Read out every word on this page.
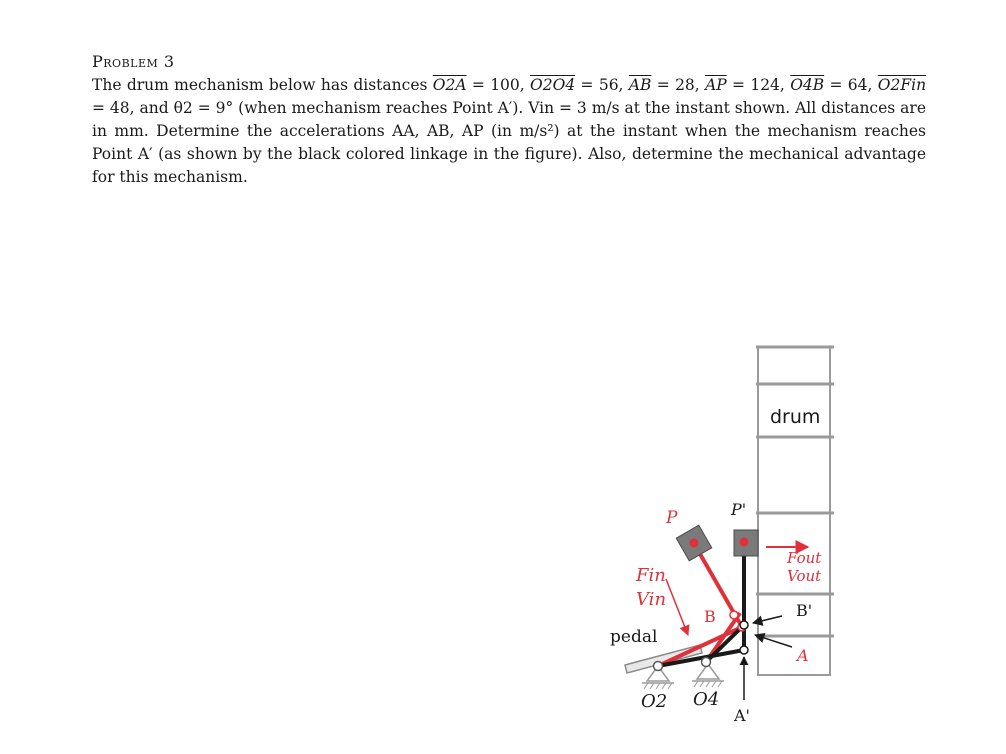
Problem 3
The drum mechanism below has distances O2A = 100, O2O4 = 56, $\overline{AB} = 28$, $\overline{AP} = 124$, O4B = 64, O2Fin = 48, and θ2 = 9° (when mechanism reaches Point A′). Vin = 3 m/s at the instant shown. All distances are in mm. Determine the accelerations AA, AB, AP (in m/s²) at the instant when the mechanism reaches Point A′ (as shown by the black colored linkage in the figure). Also, determine the mechanical advantage for this mechanism.
drum
P	P'
Fin
Vin
Fout
Vout
B	B'
A
A'
pedal
O2 O4
